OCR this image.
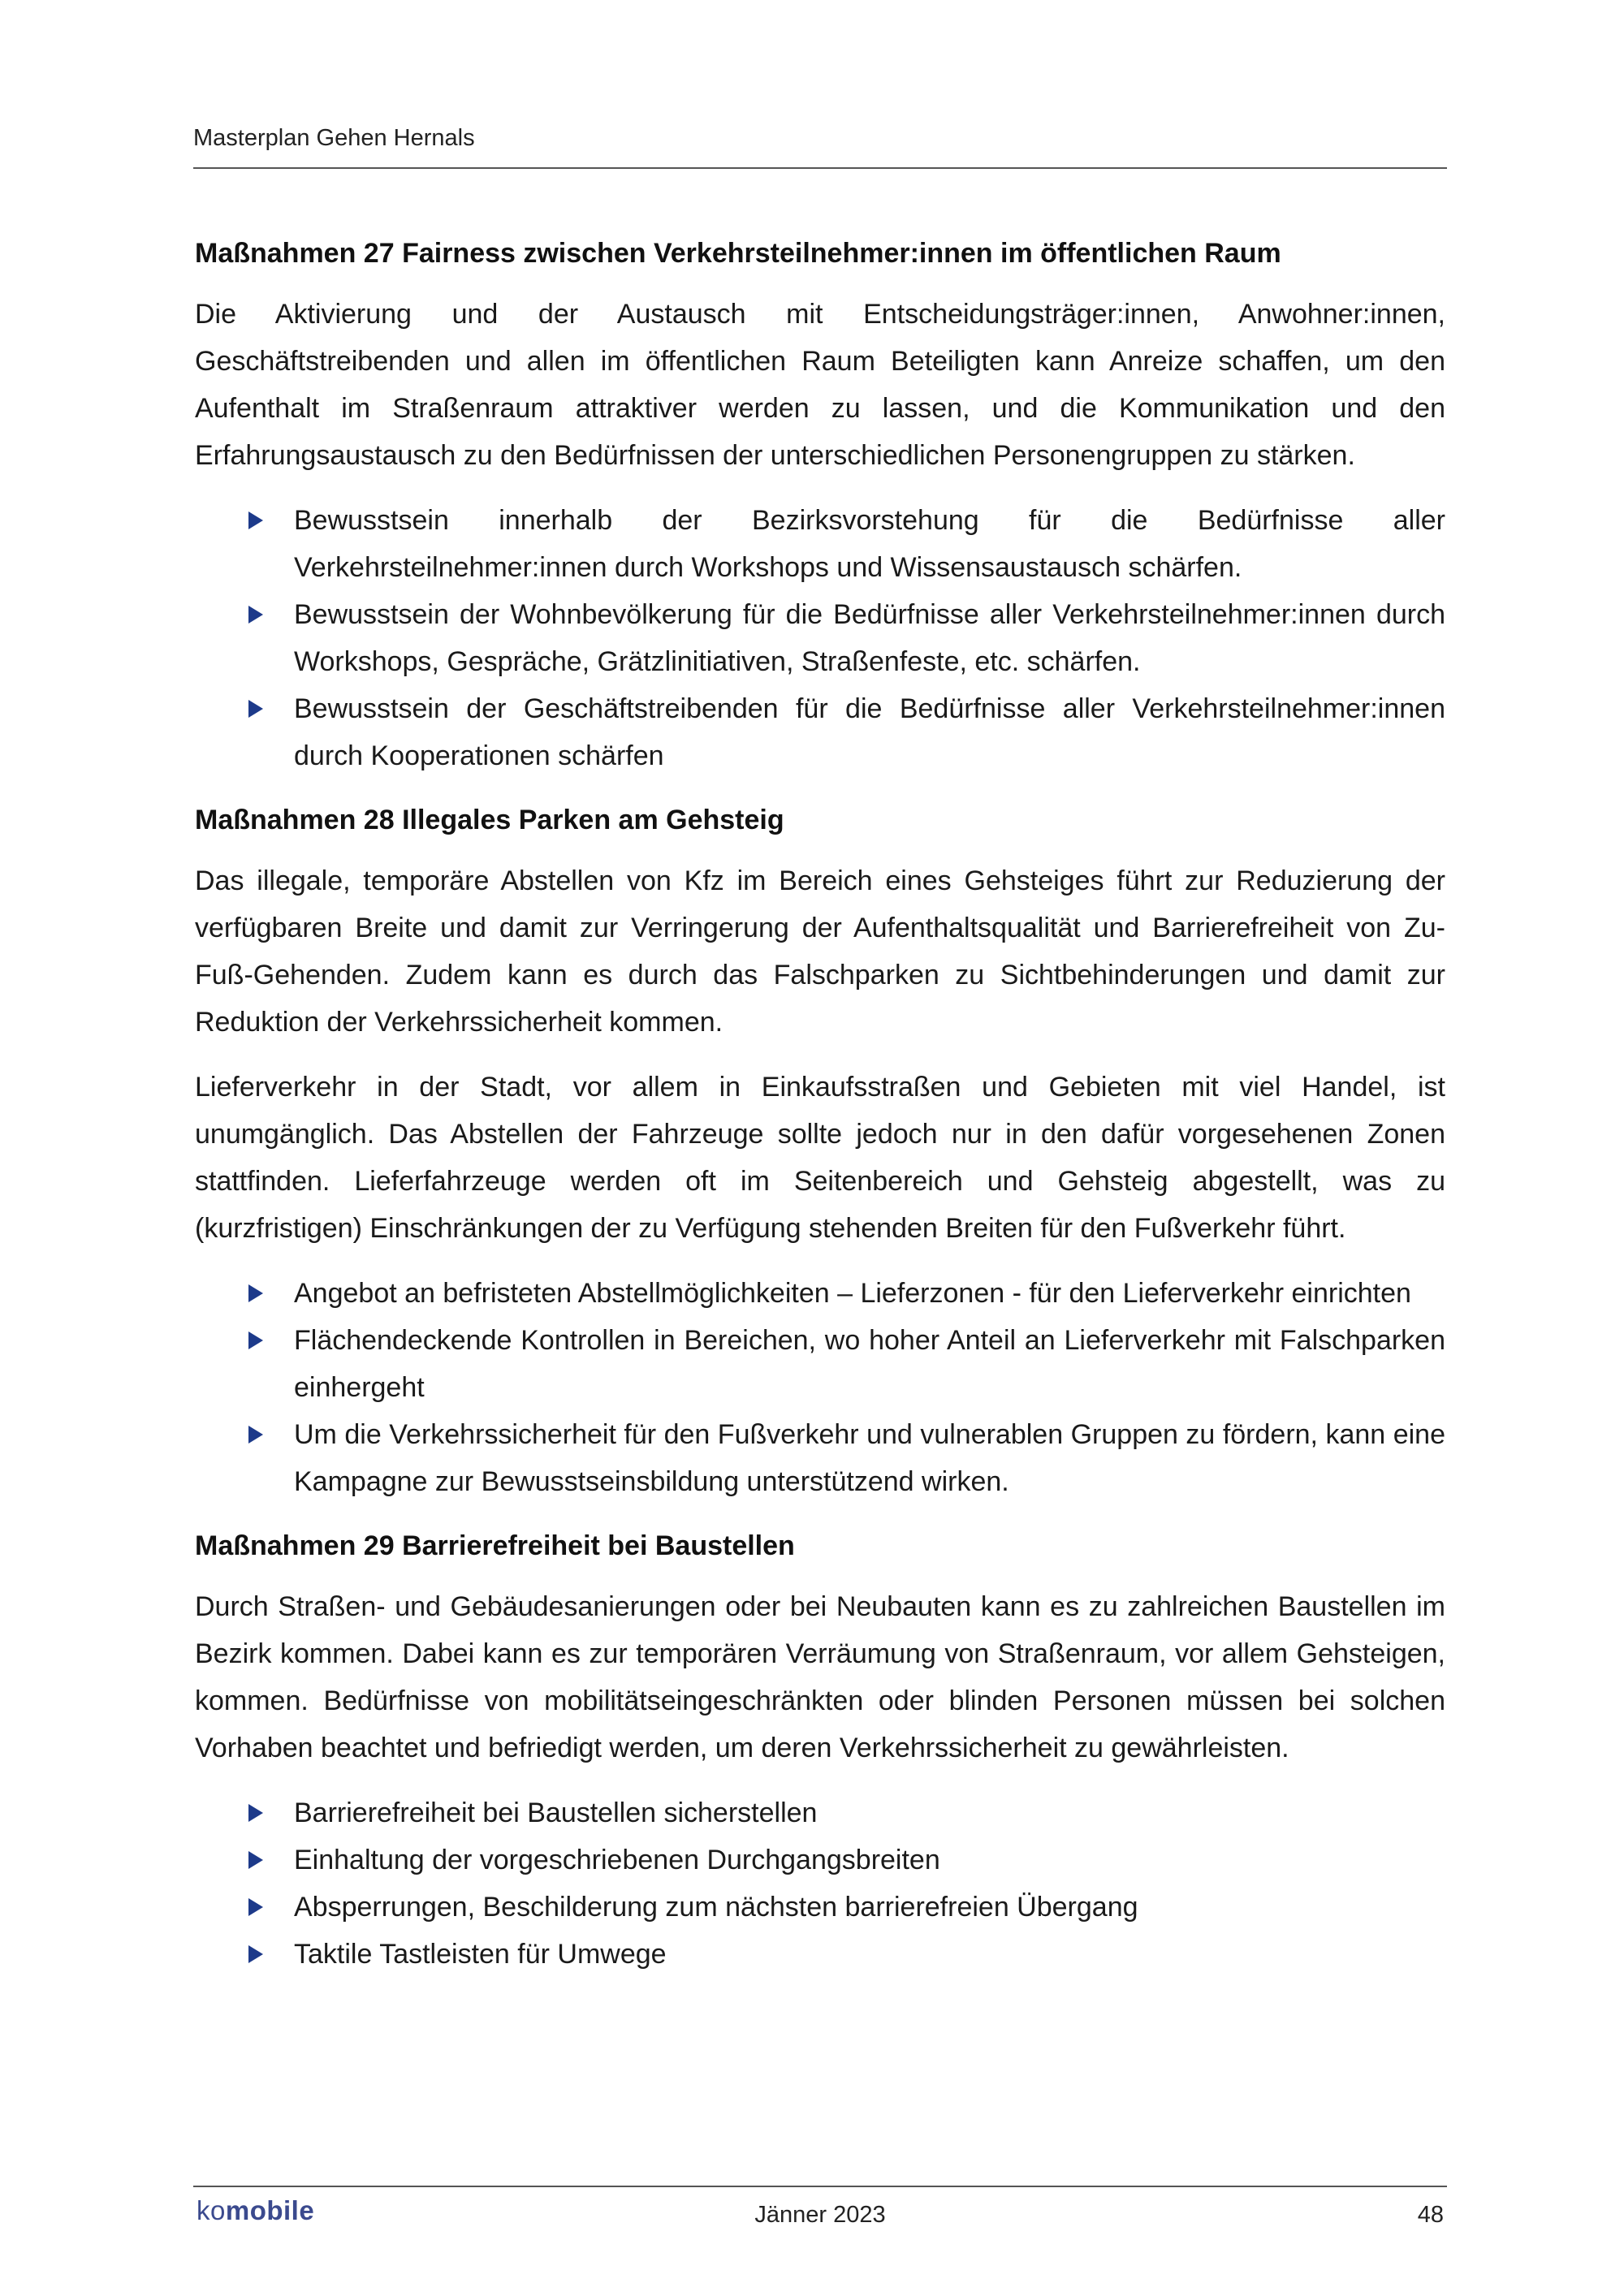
Masterplan Gehen Hernals
Maßnahmen 27 Fairness zwischen Verkehrsteilnehmer:innen im öffentlichen Raum

Die Aktivierung und der Austausch mit Entscheidungsträger:innen, Anwohner:innen, Geschäftstreibenden und allen im öffentlichen Raum Beteiligten kann Anreize schaffen, um den Aufenthalt im Straßenraum attraktiver werden zu lassen, und die Kommunikation und den Erfahrungsaustausch zu den Bedürfnissen der unterschiedlichen Personengruppen zu stärken.

Bewusstsein innerhalb der Bezirksvorstehung für die Bedürfnisse aller Verkehrsteilnehmer:innen durch Workshops und Wissensaustausch schärfen.
Bewusstsein der Wohnbevölkerung für die Bedürfnisse aller Verkehrsteilnehmer:innen durch Workshops, Gespräche, Grätzlinitiativen, Straßenfeste, etc. schärfen.
Bewusstsein der Geschäftstreibenden für die Bedürfnisse aller Verkehrsteilnehmer:innen durch Kooperationen schärfen
Maßnahmen 28 Illegales Parken am Gehsteig

Das illegale, temporäre Abstellen von Kfz im Bereich eines Gehsteiges führt zur Reduzierung der verfügbaren Breite und damit zur Verringerung der Aufenthaltsqualität und Barrierefreiheit von Zu-Fuß-Gehenden. Zudem kann es durch das Falschparken zu Sichtbehinderungen und damit zur Reduktion der Verkehrssicherheit kommen.

Lieferverkehr in der Stadt, vor allem in Einkaufsstraßen und Gebieten mit viel Handel, ist unumgänglich. Das Abstellen der Fahrzeuge sollte jedoch nur in den dafür vorgesehenen Zonen stattfinden. Lieferfahrzeuge werden oft im Seitenbereich und Gehsteig abgestellt, was zu (kurzfristigen) Einschränkungen der zu Verfügung stehenden Breiten für den Fußverkehr führt.

Angebot an befristeten Abstellmöglichkeiten – Lieferzonen - für den Lieferverkehr einrichten
Flächendeckende Kontrollen in Bereichen, wo hoher Anteil an Lieferverkehr mit Falschparken einhergeht
Um die Verkehrssicherheit für den Fußverkehr und vulnerablen Gruppen zu fördern, kann eine Kampagne zur Bewusstseinsbildung unterstützend wirken.
Maßnahmen 29 Barrierefreiheit bei Baustellen

Durch Straßen- und Gebäudesanierungen oder bei Neubauten kann es zu zahlreichen Baustellen im Bezirk kommen. Dabei kann es zur temporären Verräumung von Straßenraum, vor allem Gehsteigen, kommen. Bedürfnisse von mobilitätseingeschränkten oder blinden Personen müssen bei solchen Vorhaben beachtet und befriedigt werden, um deren Verkehrssicherheit zu gewährleisten.

Barrierefreiheit bei Baustellen sicherstellen
Einhaltung der vorgeschriebenen Durchgangsbreiten
Absperrungen, Beschilderung zum nächsten barrierefreien Übergang
Taktile Tastleisten für Umwege
komobile	Jänner 2023	48
